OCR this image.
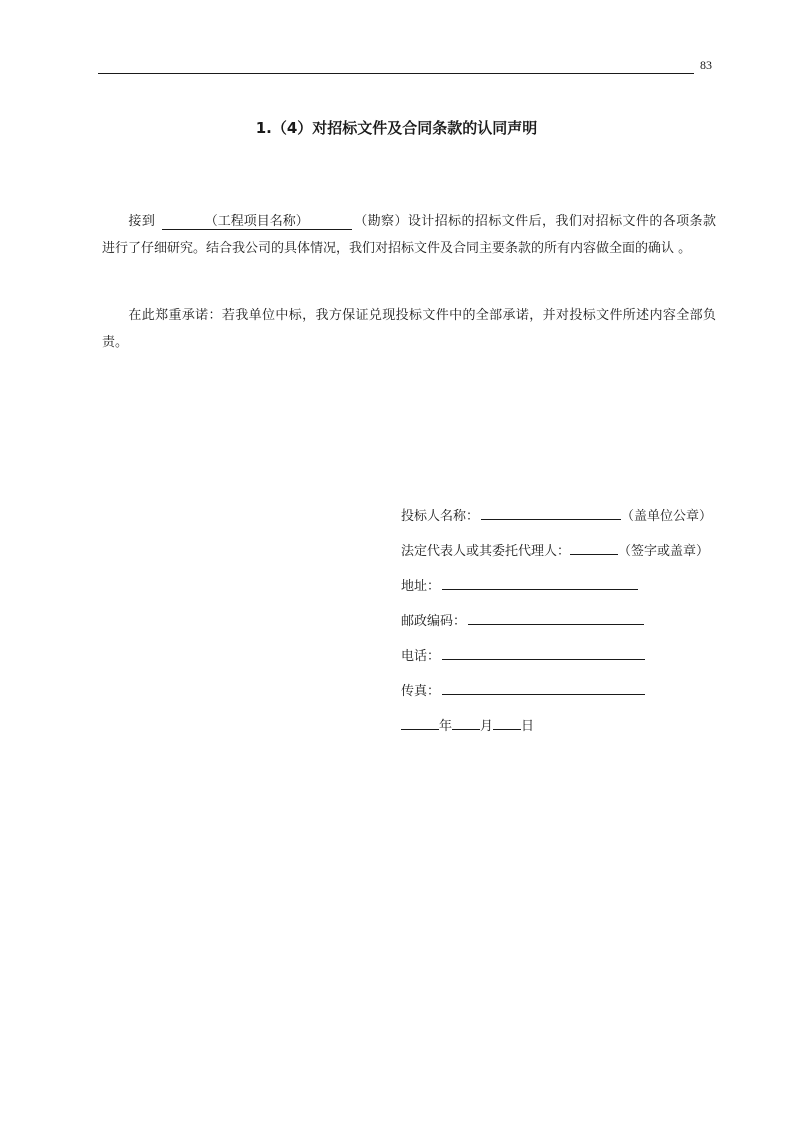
83
1.（4）对招标文件及合同条款的认同声明
接到	（工程项目名称）	（勘察）设计招标的招标文件后，我们对招标文件的各项条款进行了仔细研究。结合我公司的具体情况，我们对招标文件及合同主要条款的所有内容做全面的确认 。
在此郑重承诺：若我单位中标，我方保证兑现投标文件中的全部承诺，并对投标文件所述内容全部负责。
投标人名称：	（盖单位公章）
法定代表人或其委托代理人：	（签字或盖章）
地址：
邮政编码：
电话：
传真：
年 月 日
